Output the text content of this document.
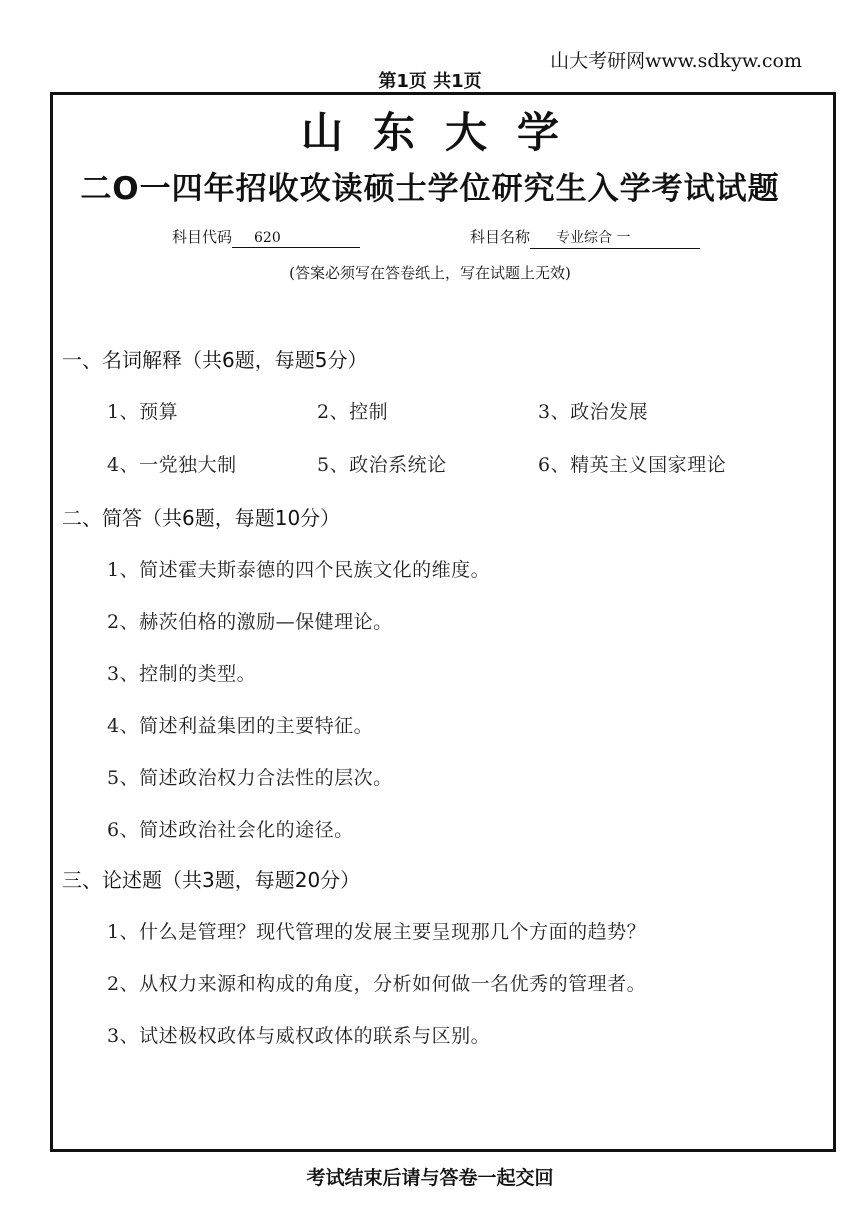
山大考研网www.sdkyw.com
第1页 共1页
山东大学
二O一四年招收攻读硕士学位研究生入学考试试题
科目代码 620	科目名称 专业综合 一
(答案必须写在答卷纸上，写在试题上无效)
一、名词解释（共6题，每题5分）
1、预算	2、控制	3、政治发展
4、一党独大制	5、政治系统论	6、精英主义国家理论
二、简答（共6题，每题10分）
1、简述霍夫斯泰德的四个民族文化的维度。
2、赫茨伯格的激励—保健理论。
3、控制的类型。
4、简述利益集团的主要特征。
5、简述政治权力合法性的层次。
6、简述政治社会化的途径。
三、论述题（共3题，每题20分）
1、什么是管理？现代管理的发展主要呈现那几个方面的趋势？
2、从权力来源和构成的角度，分析如何做一名优秀的管理者。
3、试述极权政体与威权政体的联系与区别。
考试结束后请与答卷一起交回
